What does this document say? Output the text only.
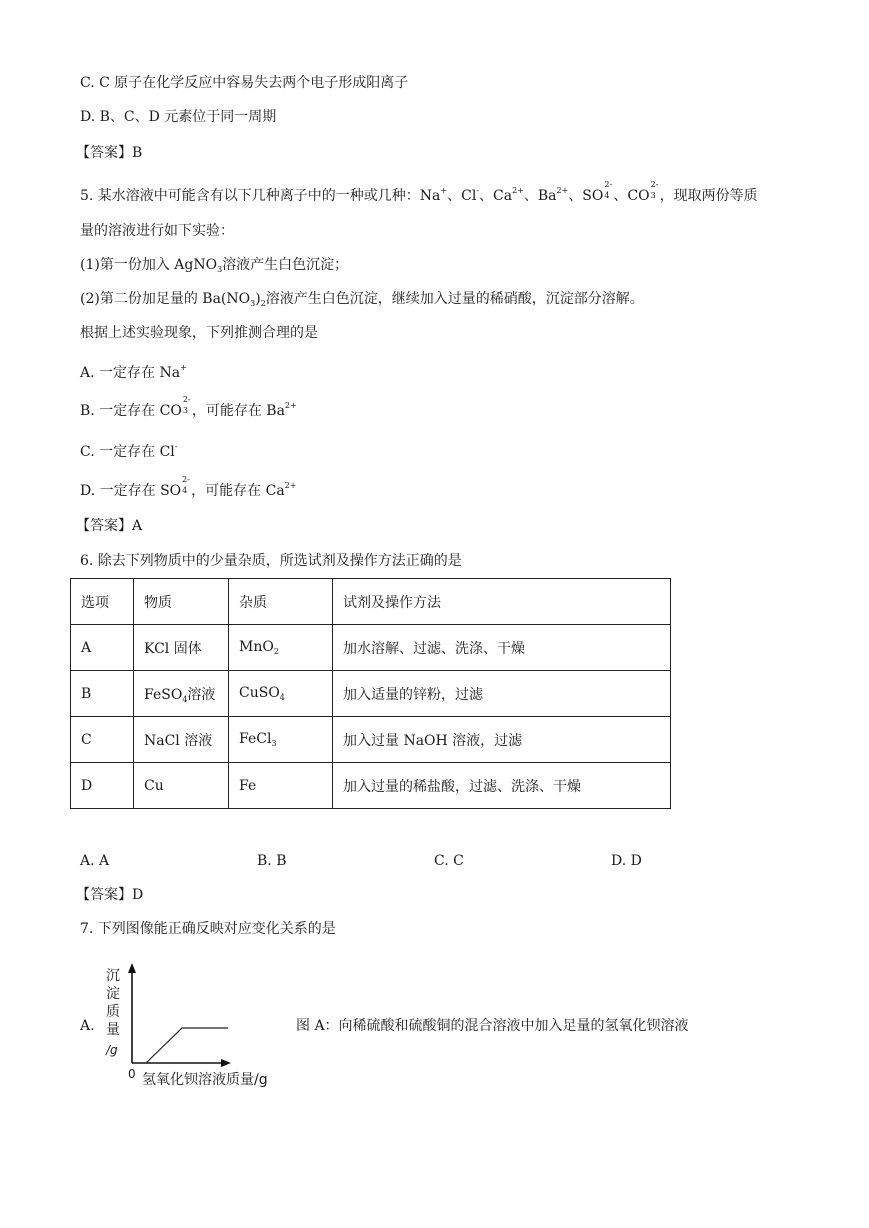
C. C 原子在化学反应中容易失去两个电子形成阳离子
D. B、C、D 元素位于同一周期
【答案】B
5. 某水溶液中可能含有以下几种离子中的一种或几种：Na+、Cl-、$Ca^{2+}$、$Ba^{2+}$、SO
2-
4 、CO
2-
3 ，现取两份等质
量的溶液进行如下实验：
(1)第一份加入 AgNO$_3$溶液产生白色沉淀；
(2)第二份加足量的 $Ba(NO_3)_2$溶液产生白色沉淀，继续加入过量的稀硝酸，沉淀部分溶解。
根据上述实验现象，下列推测合理的是
A. 一定存在 Na+
B. 一定存在 CO
2-
3 ，可能存在 $Ba^{2+}$
C. 一定存在 Cl-
D. 一定存在 SO
2-
4 ，可能存在 $Ca^{2+}$
【答案】A
6. 除去下列物质中的少量杂质，所选试剂及操作方法正确的是
选项	物质	杂质	试剂及操作方法
A	KCl 固体	MnO$_2$	加水溶解、过滤、洗涤、干燥
B	FeSO$_4$溶液	CuSO$_4$	加入适量的锌粉，过滤
C	NaCl 溶液	FeCl$_3$	加入过量 NaOH 溶液，过滤
D	Cu	Fe	加入过量的稀盐酸，过滤、洗涤、干燥
A. A	B. B	C. C	D. D
【答案】D
7. 下列图像能正确反映对应变化关系的是
A.
沉
淀
质
量
/g
0 氢氧化钡溶液质量/g
图 A：向稀硫酸和硫酸铜的混合溶液中加入足量的氢氧化钡溶液
